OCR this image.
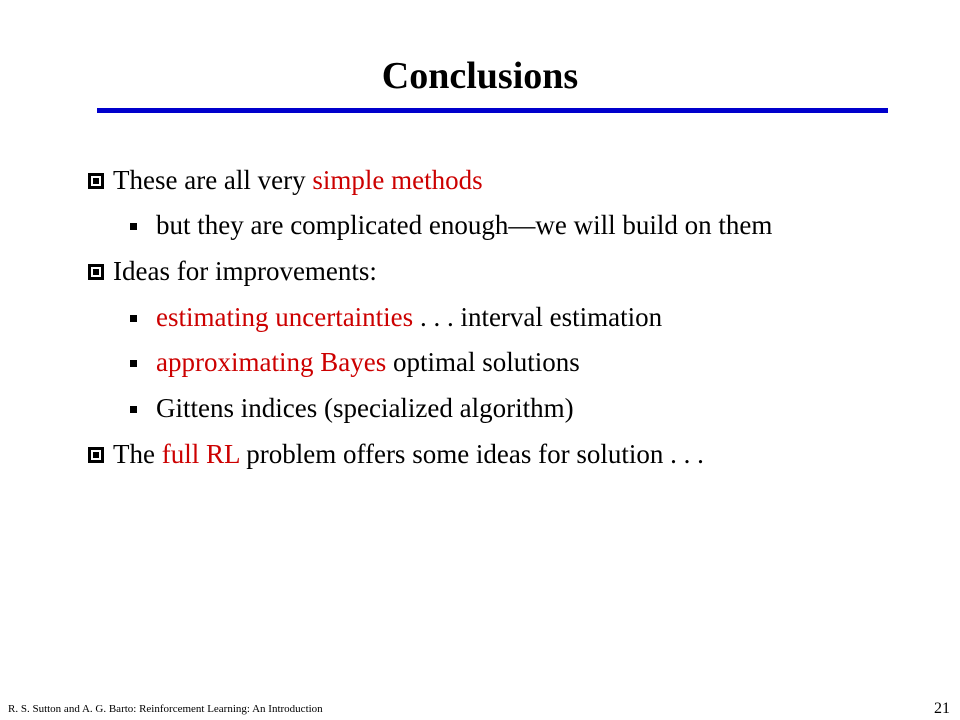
Conclusions
These are all very simple methods
but they are complicated enough—we will build on them
Ideas for improvements:
estimating uncertainties . . . interval estimation
approximating Bayes optimal solutions
Gittens indices (specialized algorithm)
The full RL problem offers some ideas for solution . . .
R. S. Sutton and A. G. Barto: Reinforcement Learning: An Introduction	21
